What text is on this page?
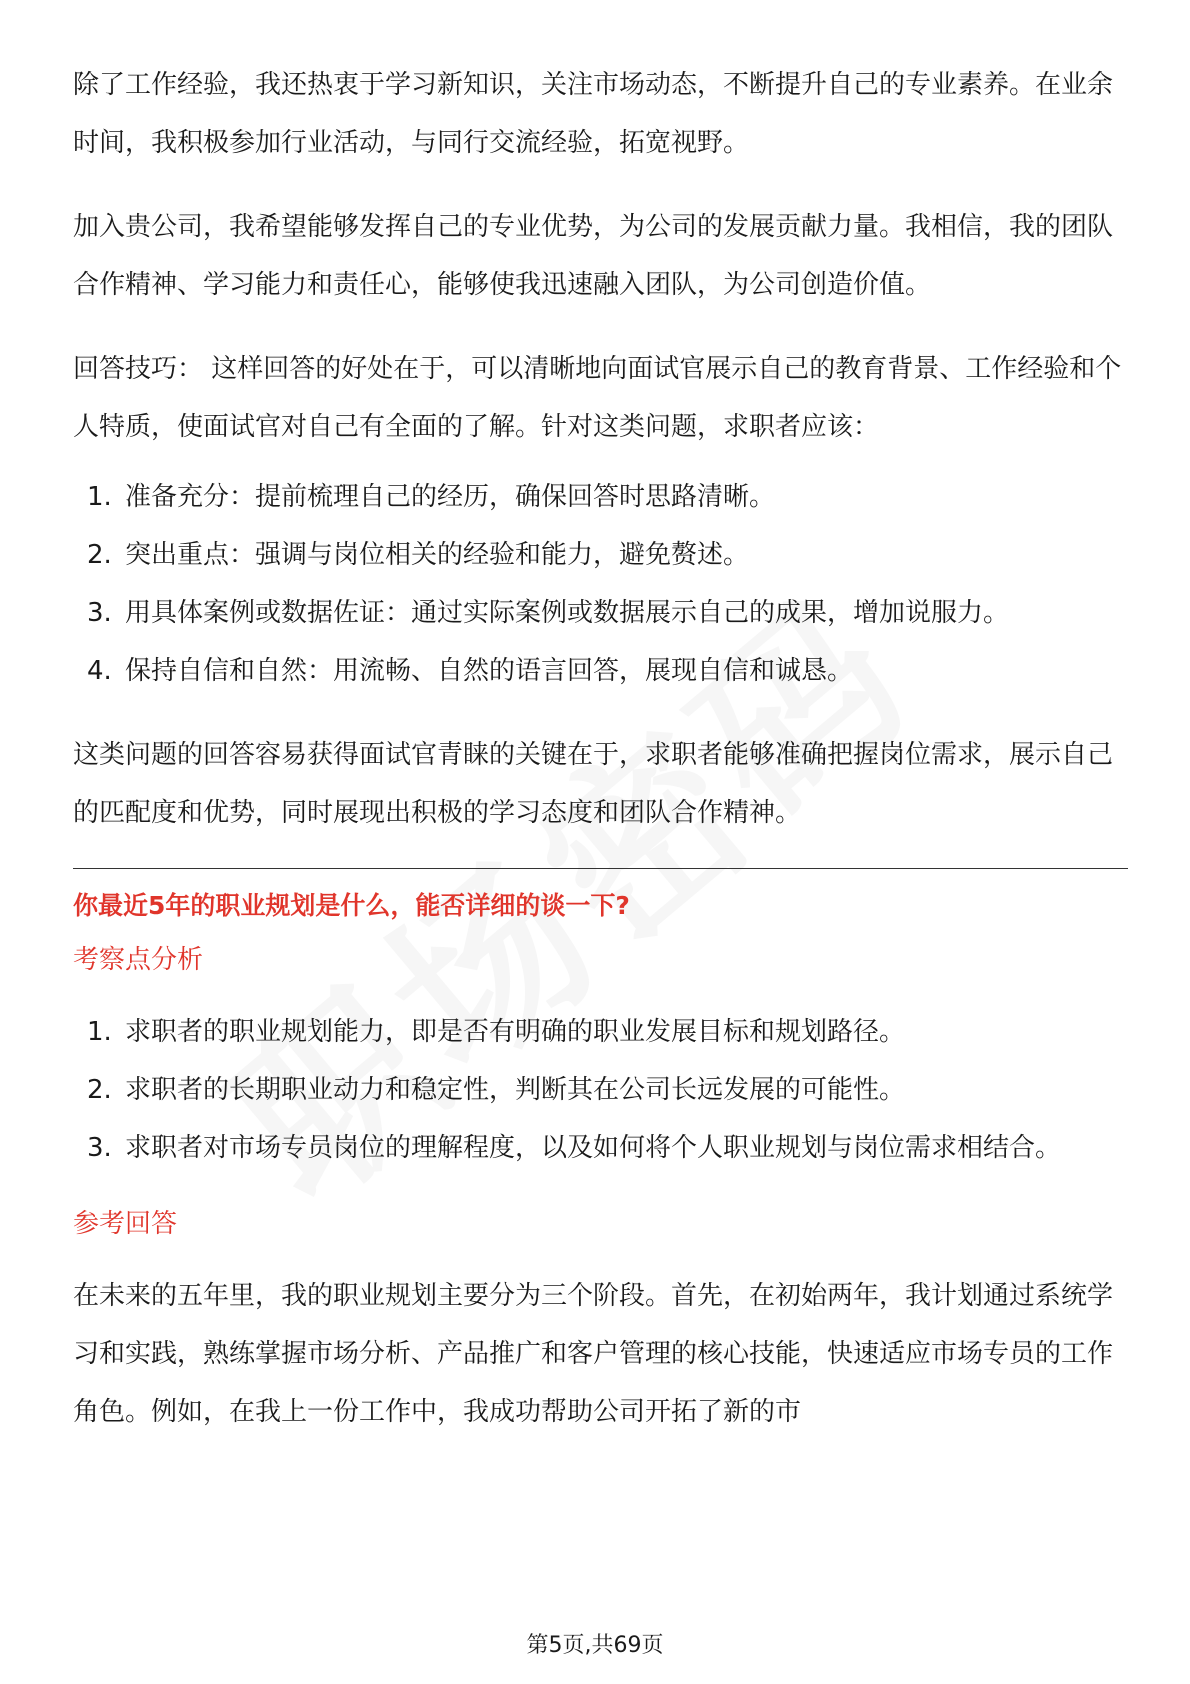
除了工作经验，我还热衷于学习新知识，关注市场动态，不断提升自己的专业素养。在业余时间，我积极参加行业活动，与同行交流经验，拓宽视野。

加入贵公司，我希望能够发挥自己的专业优势，为公司的发展贡献力量。我相信，我的团队合作精神、学习能力和责任心，能够使我迅速融入团队，为公司创造价值。

回答技巧： 这样回答的好处在于，可以清晰地向面试官展示自己的教育背景、工作经验和个人特质，使面试官对自己有全面的了解。针对这类问题，求职者应该：

1. 准备充分：提前梳理自己的经历，确保回答时思路清晰。
2. 突出重点：强调与岗位相关的经验和能力，避免赘述。
3. 用具体案例或数据佐证：通过实际案例或数据展示自己的成果，增加说服力。
4. 保持自信和自然：用流畅、自然的语言回答，展现自信和诚恳。

这类问题的回答容易获得面试官青睐的关键在于，求职者能够准确把握岗位需求，展示自己的匹配度和优势，同时展现出积极的学习态度和团队合作精神。

你最近5年的职业规划是什么，能否详细的谈一下?

考察点分析

1. 求职者的职业规划能力，即是否有明确的职业发展目标和规划路径。
2. 求职者的长期职业动力和稳定性，判断其在公司长远发展的可能性。
3. 求职者对市场专员岗位的理解程度，以及如何将个人职业规划与岗位需求相结合。

参考回答

在未来的五年里，我的职业规划主要分为三个阶段。首先，在初始两年，我计划通过系统学习和实践，熟练掌握市场分析、产品推广和客户管理的核心技能，快速适应市场专员的工作角色。例如，在我上一份工作中，我成功帮助公司开拓了新的市

第5页,共69页
